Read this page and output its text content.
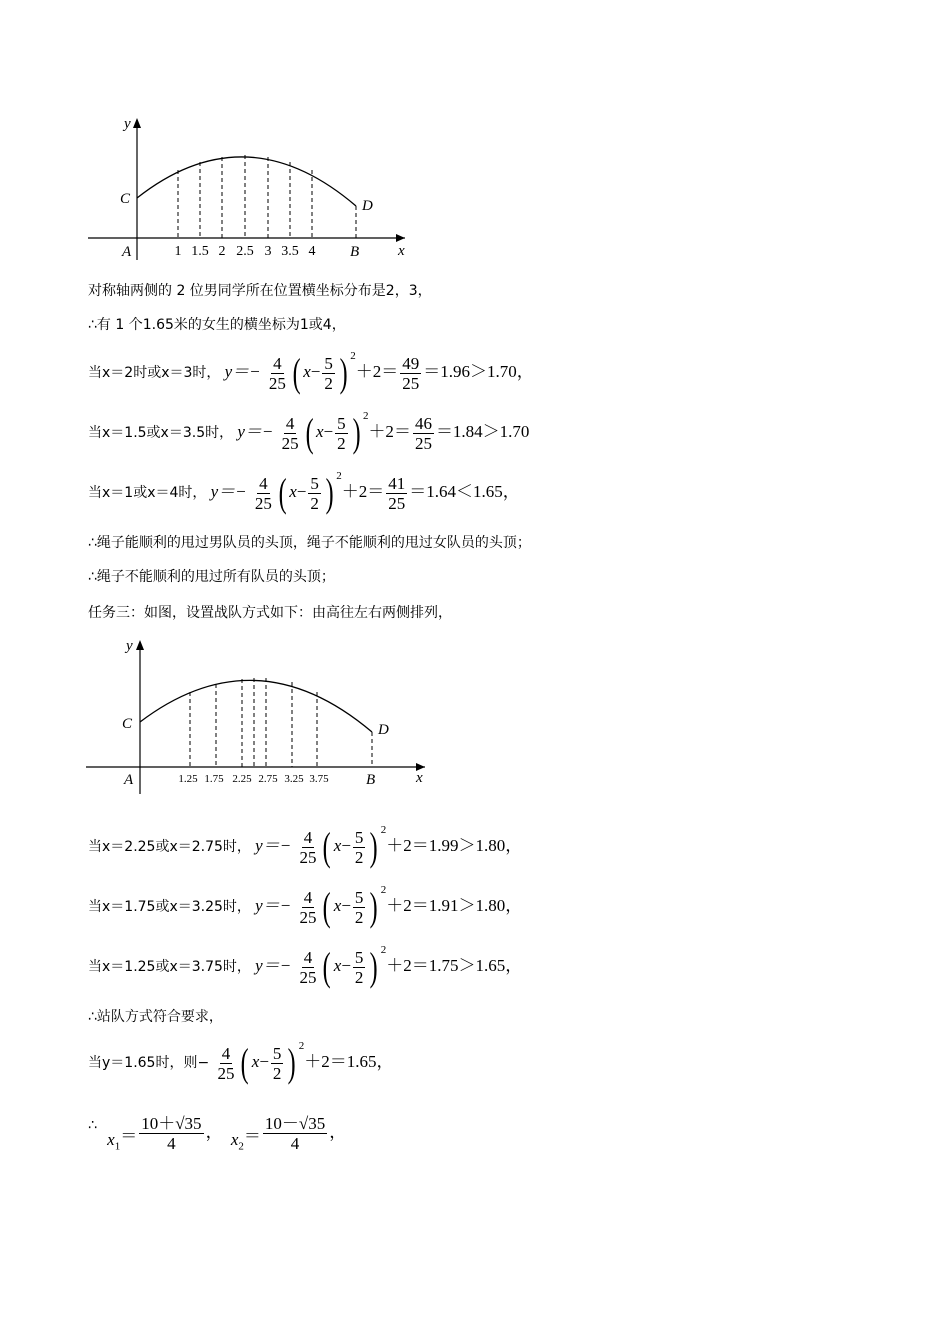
y
x
C	D
A	B
1 1.5 2 2.5 3 3.5 4
对称轴两侧的 2 位男同学所在位置横坐标分布是2，3，
∴有 1 个1.65米的女生的横坐标为1或4，
当x＝2时或x＝3时， $y=- \frac{4}{25}$ ( $x- \frac{5}{2}$ ) $^2+2= \frac{49}{25} =1.96>1.70$，
当x＝1.5或x＝3.5时， $y=- \frac{4}{25}$ ( $x- \frac{5}{2}$ ) $^2+2= \frac{46}{25} =1.84>1.70$
当x＝1或x＝4时， $y=- \frac{4}{25}$ ( $x- \frac{5}{2}$ ) $^2+2= \frac{41}{25} =1.64<1.65$，
∴绳子能顺利的甩过男队员的头顶，绳子不能顺利的甩过女队员的头顶；
∴绳子不能顺利的甩过所有队员的头顶；
任务三：如图，设置战队方式如下：由高往左右两侧排列，
y
x
C	D
A	B
1.25 1.75 2.25 2.75 3.25 3.75
当x＝2.25或x＝2.75时， $y=- \frac{4}{25}$ ( $x- \frac{5}{2}$ ) $^2$＋2＝1.99＞1.80，
当x＝1.75或x＝3.25时， $y=- \frac{4}{25}$ ( $x- \frac{5}{2}$ ) $^2$＋2＝1.91＞1.80，
当x＝1.25或x＝3.75时， $y=- \frac{4}{25}$ ( $x- \frac{5}{2}$ ) $^2$＋2＝1.75＞1.65，
∴站队方式符合要求，
当y＝1.65时，则− $\frac{4}{25}$ ( $x- \frac{5}{2}$ ) $^2$＋2＝1.65，
∴ $x_1= \frac{10+√35}{4}$ ， $x_2= \frac{10-√35}{4}$ ，
